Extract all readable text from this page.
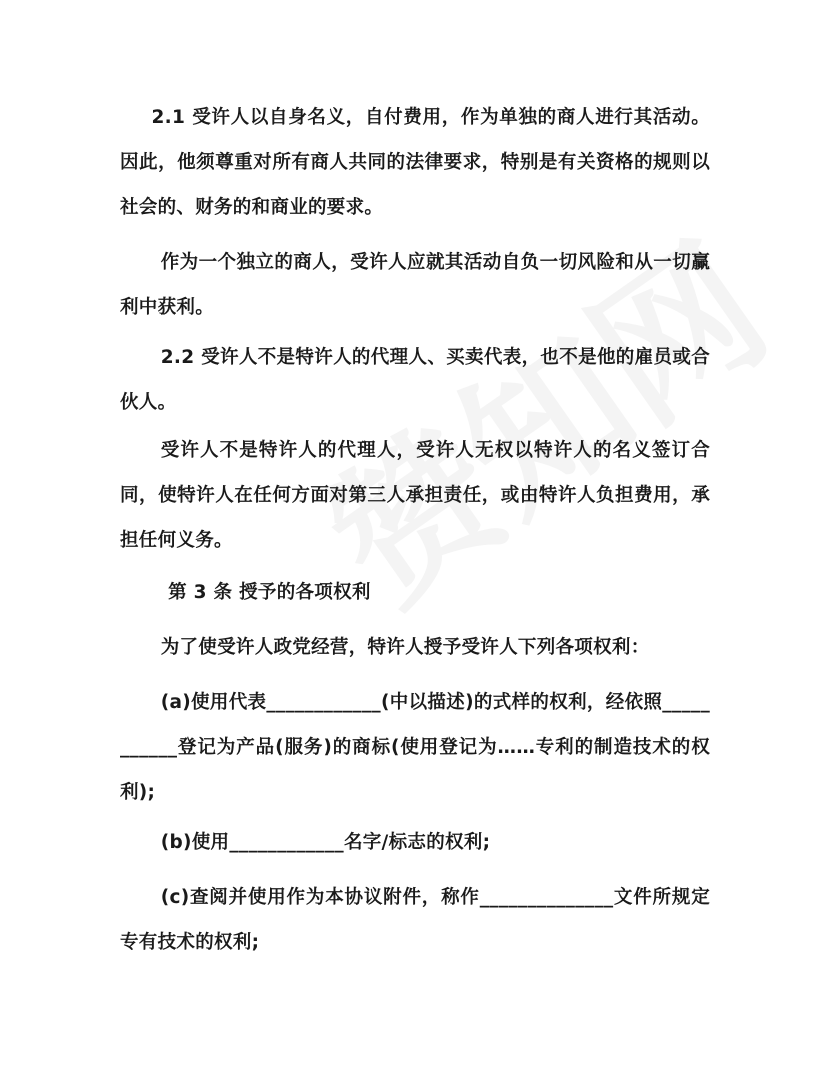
2.1 受许人以自身名义，自付费用，作为单独的商人进行其活动。因此，他须尊重对所有商人共同的法律要求，特别是有关资格的规则以社会的、财务的和商业的要求。

作为一个独立的商人，受许人应就其活动自负一切风险和从一切赢利中获利。

2.2 受许人不是特许人的代理人、买卖代表，也不是他的雇员或合伙人。

受许人不是特许人的代理人，受许人无权以特许人的名义签订合同，使特许人在任何方面对第三人承担责任，或由特许人负担费用，承担任何义务。

第 3 条 授予的各项权利

为了使受许人政党经营，特许人授予受许人下列各项权利：

(a)使用代表____________(中以描述)的式样的权利，经依照___________登记为产品(服务)的商标(使用登记为……专利的制造技术的权利);

(b)使用____________名字/标志的权利;

(c)查阅并使用作为本协议附件，称作______________文件所规定专有技术的权利;
